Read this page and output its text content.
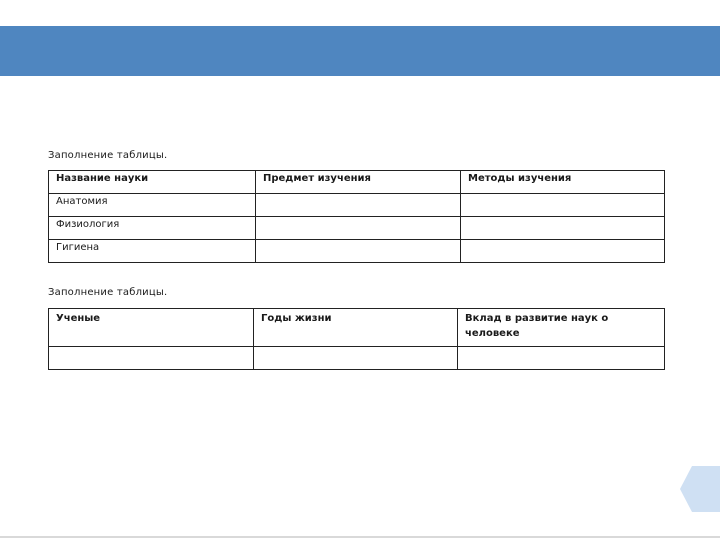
Заполнение таблицы.
Название науки	Предмет изучения	Методы изучения
Анатомия		
Физиология		
Гигиена		
Заполнение таблицы.
Ученые	Годы жизни	Вклад в развитие наук о человеке
